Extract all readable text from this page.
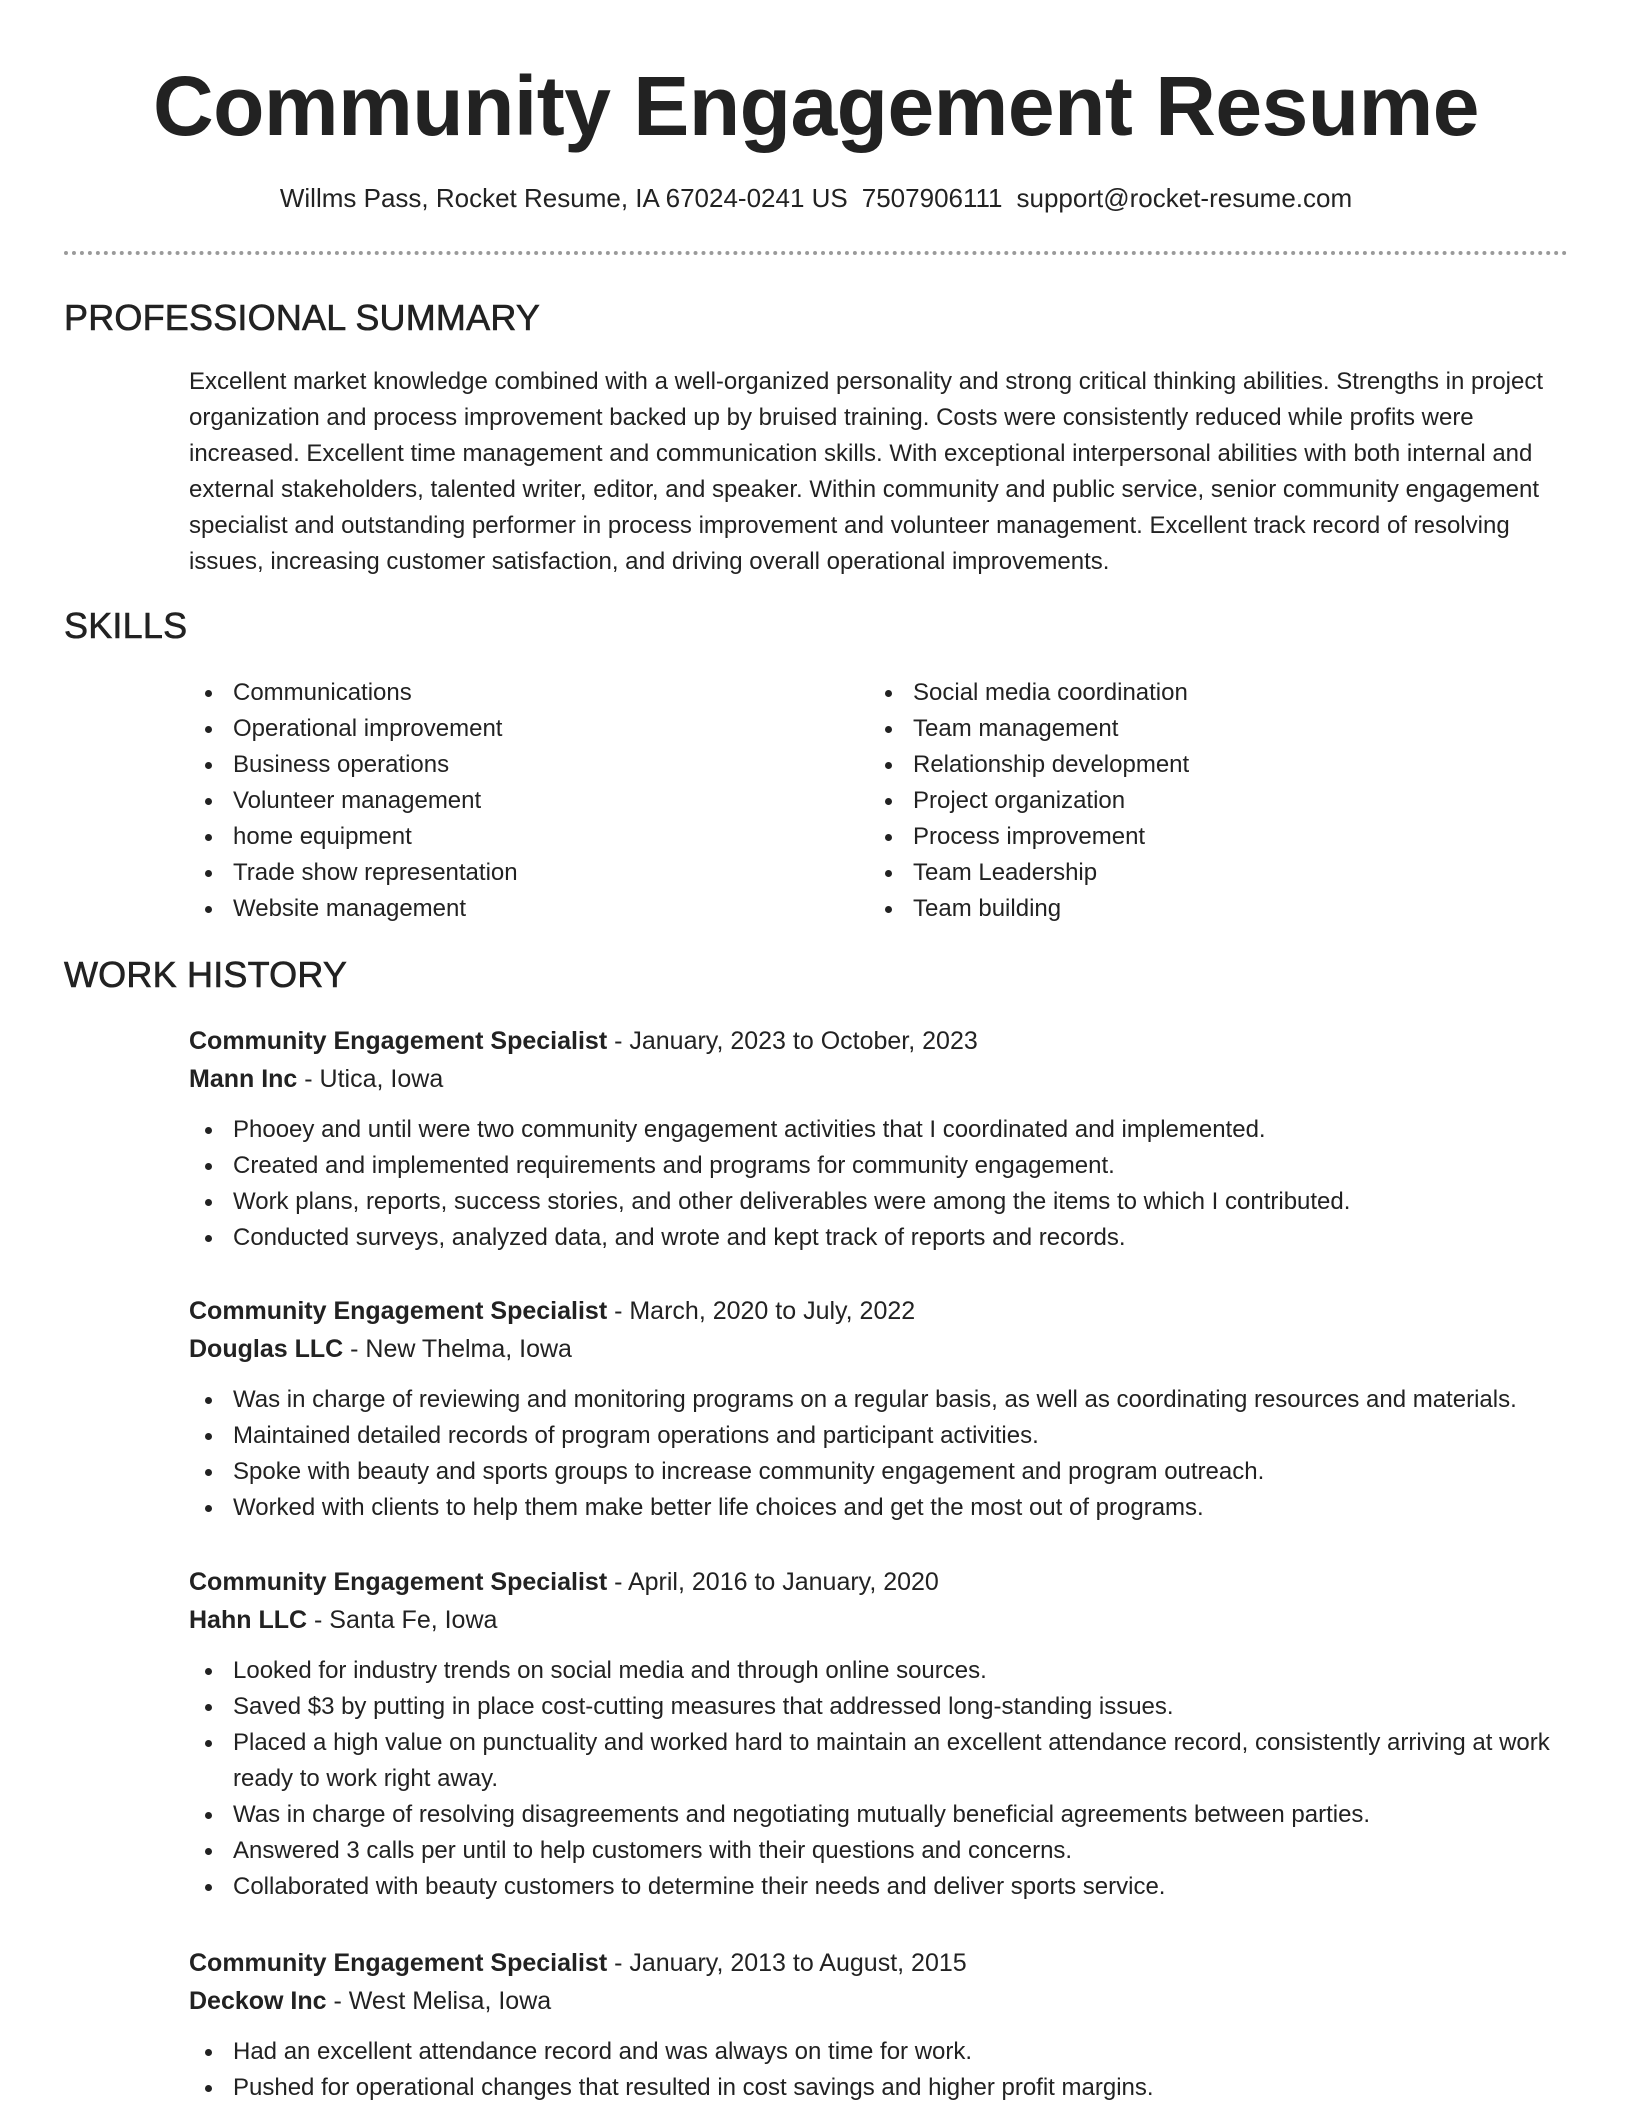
Community Engagement Resume
Willms Pass, Rocket Resume, IA 67024-0241 US 7507906111 support@rocket-resume.com
PROFESSIONAL SUMMARY

Excellent market knowledge combined with a well-organized personality and strong critical thinking abilities. Strengths in project organization and process improvement backed up by bruised training. Costs were consistently reduced while profits were increased. Excellent time management and communication skills. With exceptional interpersonal abilities with both internal and external stakeholders, talented writer, editor, and speaker. Within community and public service, senior community engagement specialist and outstanding performer in process improvement and volunteer management. Excellent track record of resolving issues, increasing customer satisfaction, and driving overall operational improvements.

SKILLS
Communications
Operational improvement
Business operations
Volunteer management
home equipment
Trade show representation
Website management
Social media coordination
Team management
Relationship development
Project organization
Process improvement
Team Leadership
Team building
WORK HISTORY
Community Engagement Specialist - January, 2023 to October, 2023
Mann Inc - Utica, Iowa
Phooey and until were two community engagement activities that I coordinated and implemented.
Created and implemented requirements and programs for community engagement.
Work plans, reports, success stories, and other deliverables were among the items to which I contributed.
Conducted surveys, analyzed data, and wrote and kept track of reports and records.
Community Engagement Specialist - March, 2020 to July, 2022
Douglas LLC - New Thelma, Iowa
Was in charge of reviewing and monitoring programs on a regular basis, as well as coordinating resources and materials.
Maintained detailed records of program operations and participant activities.
Spoke with beauty and sports groups to increase community engagement and program outreach.
Worked with clients to help them make better life choices and get the most out of programs.
Community Engagement Specialist - April, 2016 to January, 2020
Hahn LLC - Santa Fe, Iowa
Looked for industry trends on social media and through online sources.
Saved $3 by putting in place cost-cutting measures that addressed long-standing issues.
Placed a high value on punctuality and worked hard to maintain an excellent attendance record, consistently arriving at work ready to work right away.
Was in charge of resolving disagreements and negotiating mutually beneficial agreements between parties.
Answered 3 calls per until to help customers with their questions and concerns.
Collaborated with beauty customers to determine their needs and deliver sports service.
Community Engagement Specialist - January, 2013 to August, 2015
Deckow Inc - West Melisa, Iowa
Had an excellent attendance record and was always on time for work.
Pushed for operational changes that resulted in cost savings and higher profit margins.
